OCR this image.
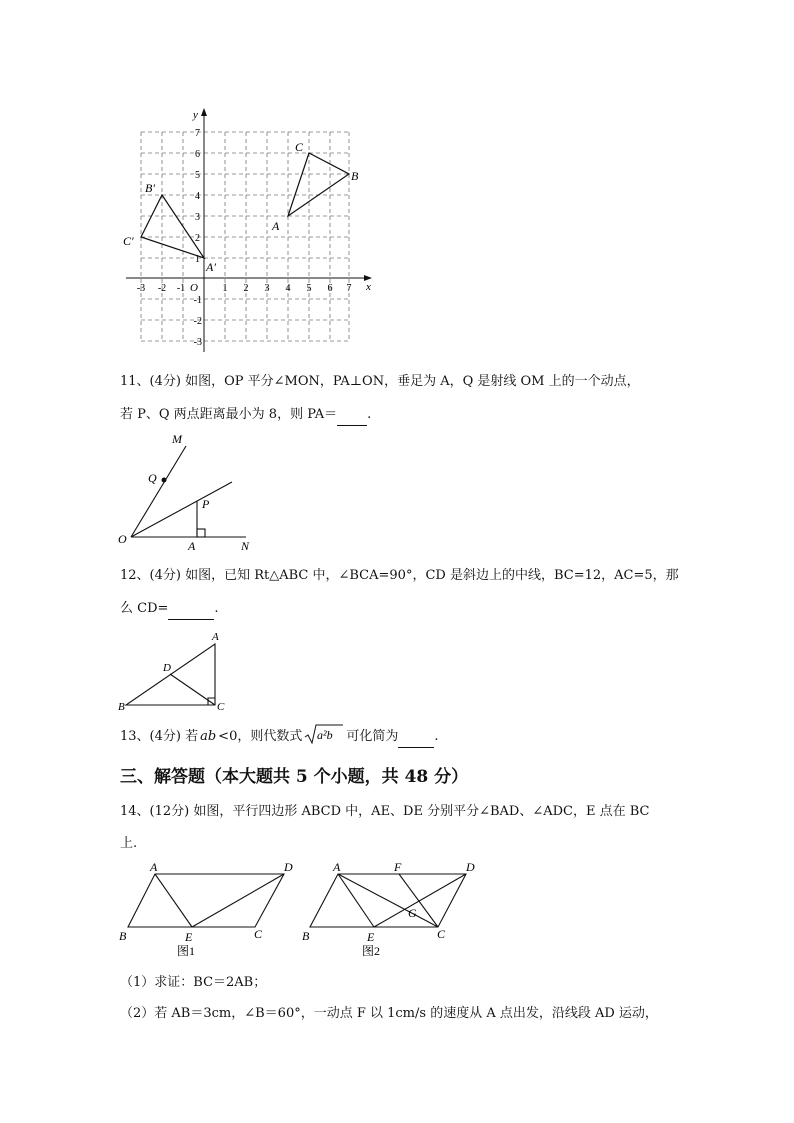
x
y
O
-3 -2 -1	1 2 3 4 5 6 7
7
6
5
4
3
2
1
-1
-2
-3
A
C
B
B′
C′
A′
11、(4分) 如图，OP 平分∠MON，PA⊥ON，垂足为 A，Q 是射线 OM 上的一个动点，
若 P、Q 两点距离最小为 8，则 PA＝ .
M
Q
P
O	A	N
12、(4分) 如图，已知 Rt△ABC 中，∠BCA=90°，CD 是斜边上的中线，BC=12，AC=5，那
么 CD=	.
A
D
B	C
13、(4分) 若 ab <0，则代数式 a²b 可化简为	.
三、解答题（本大题共 5 个小题，共 48 分）
14、(12分) 如图，平行四边形 ABCD 中，AE、DE 分别平分∠BAD、∠ADC，E 点在 BC
上.
A	D
B	E	C
图1
A	F	D
G
B	E	C
图2
（1）求证：BC＝2AB；
（2）若 AB＝3cm，∠B＝60°，一动点 F 以 1cm/s 的速度从 A 点出发，沿线段 AD 运动，
